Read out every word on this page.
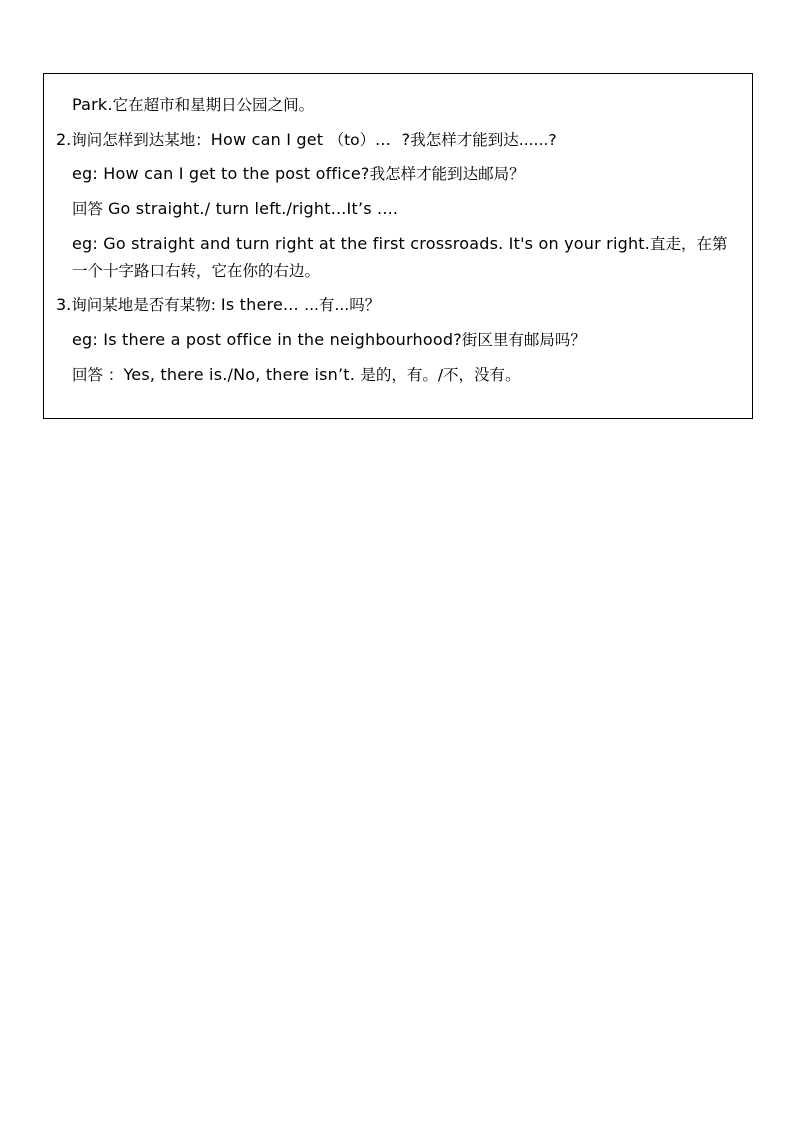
Park.它在超市和星期日公园之间。
2.询问怎样到达某地：How can I get （to）...  ?我怎样才能到达......?
eg: How can I get to the post office?我怎样才能到达邮局？
回答 Go straight./ turn left./right...It’s ....
eg: Go straight and turn right at the first crossroads. It's on your right.直走，在第一个十字路口右转，它在你的右边。
3.询问某地是否有某物: Is there... ...有...吗？
eg: Is there a post office in the neighbourhood?街区里有邮局吗？
回答 ：Yes, there is./No, there isn’t. 是的，有。/不，没有。
